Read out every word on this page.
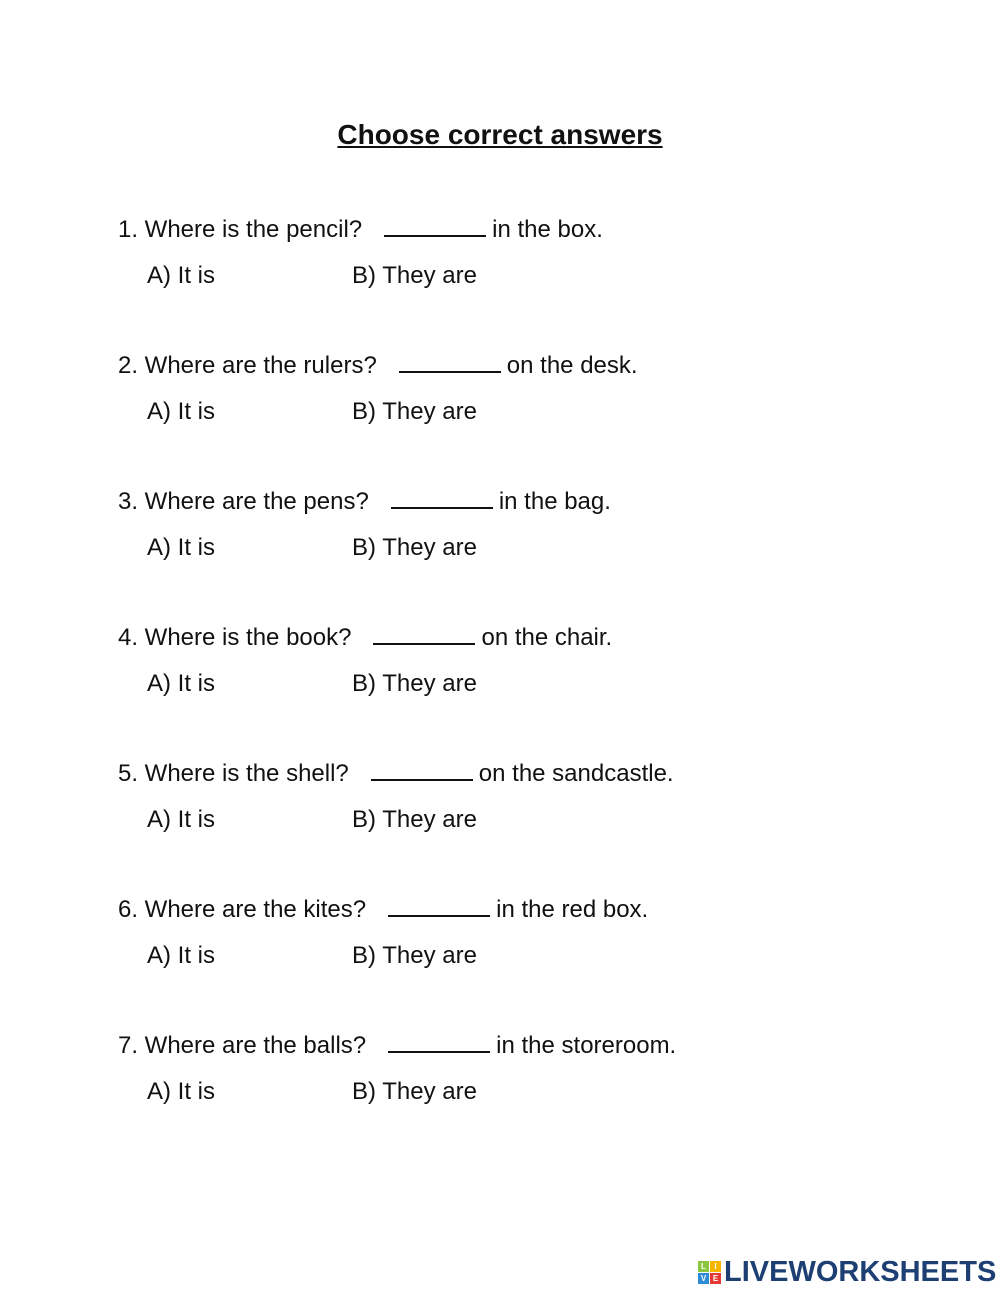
Choose correct answers
1. Where is the pencil?	in the box.
A) It is	B) They are
2. Where are the rulers?	on the desk.
A) It is	B) They are
3. Where are the pens?	in the bag.
A) It is	B) They are
4. Where is the book?	on the chair.
A) It is	B) They are
5. Where is the shell?	on the sandcastle.
A) It is	B) They are
6. Where are the kites?	in the red box.
A) It is	B) They are
7. Where are the balls?	in the storeroom.
A) It is	B) They are
L	I
V E LIVEWORKSHEETS
